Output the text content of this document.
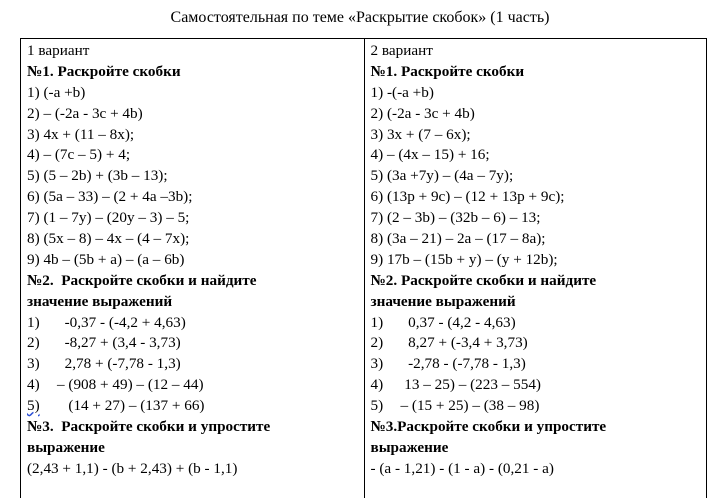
Самостоятельная по теме «Раскрытие скобок» (1 часть)
1 вариант
№1. Раскройте скобки
1) (-a +b)
2) – (-2a - 3c + 4b)
3) 4x + (11 – 8x);
4) – (7c – 5) + 4;
5) (5 – 2b) + (3b – 13);
6) (5a – 33) – (2 + 4a –3b);
7) (1 – 7y) – (20y – 3) – 5;
8) (5x – 8) – 4x – (4 – 7x);
9) 4b – (5b + a) – (a – 6b)
№2.  Раскройте скобки и найдите
значение выражений
1)	-0,37 - (-4,2 + 4,63)
2)	-8,27 + (3,4 - 3,73)
3)	2,78 + (-7,78 - 1,3)
4)	– (908 + 49) – (12 – 44)
5)	(14 + 27) – (137 + 66)
№3.  Раскройте скобки и упростите
выражение
(2,43 + 1,1) - (b + 2,43) + (b - 1,1)
2 вариант
№1. Раскройте скобки
1) -(-a +b)
2) (-2a - 3c + 4b)
3) 3x + (7 – 6x);
4) – (4x – 15) + 16;
5) (3a +7y) – (4a – 7y);
6) (13p + 9c) – (12 + 13p + 9c);
7) (2 – 3b) – (32b – 6) – 13;
8) (3a – 21) – 2a – (17 – 8a);
9) 17b – (15b + y) – (y + 12b);
№2. Раскройте скобки и найдите
значение выражений
1)	0,37 - (4,2 - 4,63)
2)	8,27 + (-3,4 + 3,73)
3)	-2,78 - (-7,78 - 1,3)
4)	13 – 25) – (223 – 554)
5)	– (15 + 25) – (38 – 98)
№3.Раскройте скобки и упростите
выражение
- (a - 1,21) - (1 - a) - (0,21 - a)
